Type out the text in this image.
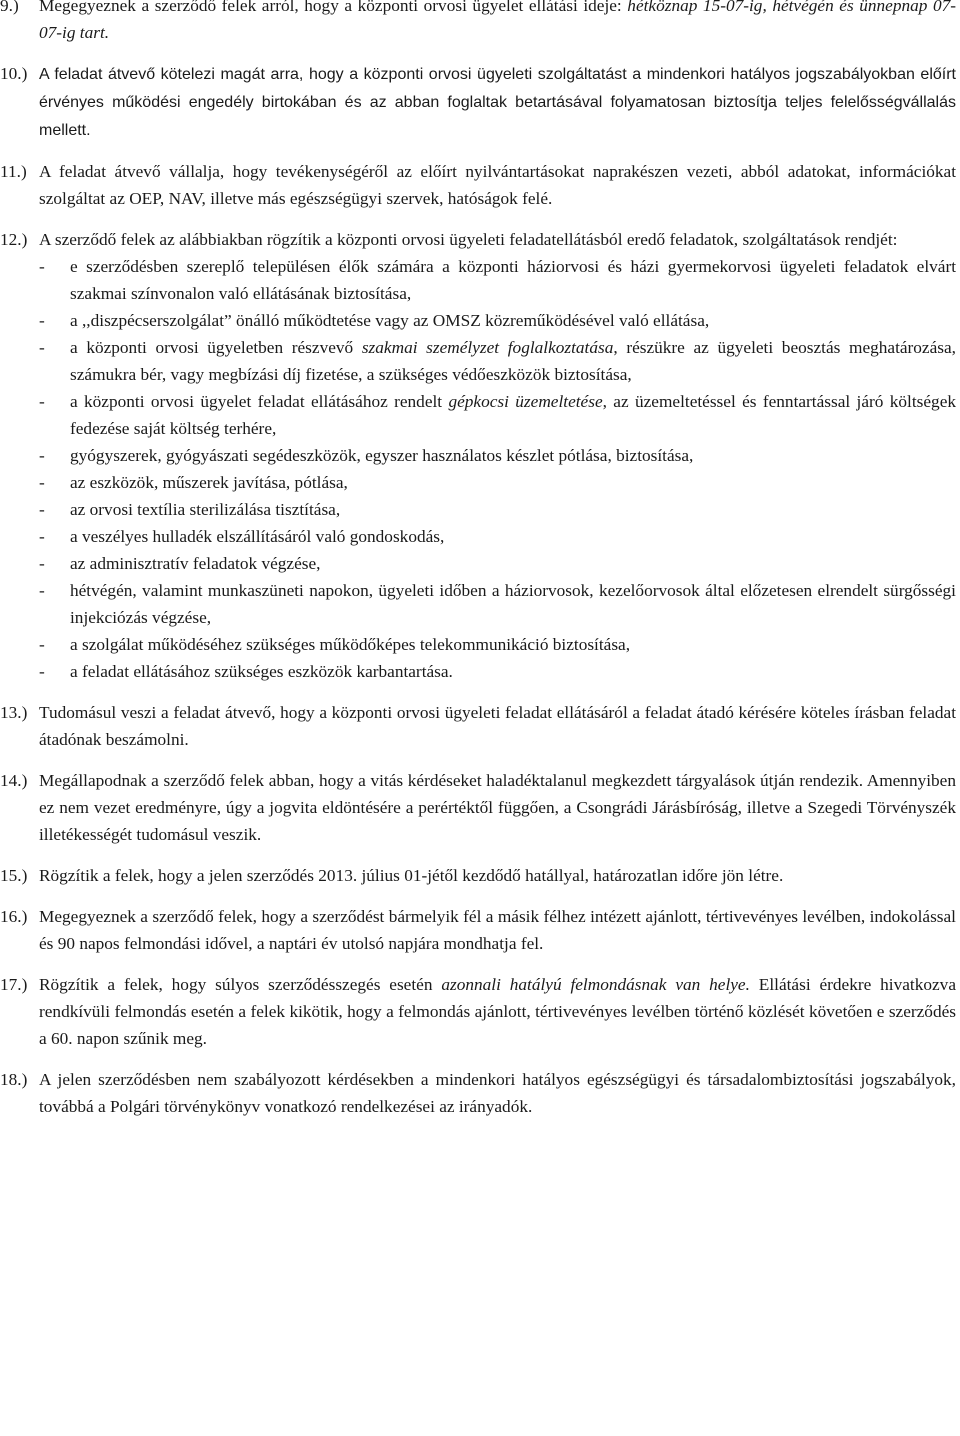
9.)	Megegyeznek a szerződő felek arról, hogy a központi orvosi ügyelet ellátási ideje: hétköznap 15-07-ig, hétvégén és ünnepnap 07-07-ig tart.
10.) A feladat átvevő kötelezi magát arra, hogy a központi orvosi ügyeleti szolgáltatást a mindenkori hatályos jogszabályokban előírt érvényes működési engedély birtokában és az abban foglaltak betartásával folyamatosan biztosítja teljes felelősségvállalás mellett.
11.) A feladat átvevő vállalja, hogy tevékenységéről az előírt nyilvántartásokat naprakészen vezeti, abból adatokat, információkat szolgáltat az OEP, NAV, illetve más egészségügyi szervek, hatóságok felé.
12.) A szerződő felek az alábbiakban rögzítik a központi orvosi ügyeleti feladatellátásból eredő feladatok, szolgáltatások rendjét:
-	e szerződésben szereplő településen élők számára a központi háziorvosi és házi gyermekorvosi ügyeleti feladatok elvárt szakmai színvonalon való ellátásának biztosítása,
-	a ,,diszpécserszolgálat” önálló működtetése vagy az OMSZ közreműködésével való ellátása,
-	a központi orvosi ügyeletben részvevő szakmai személyzet foglalkoztatása, részükre az ügyeleti beosztás meghatározása, számukra bér, vagy megbízási díj fizetése, a szükséges védőeszközök biztosítása,
-	a központi orvosi ügyelet feladat ellátásához rendelt gépkocsi üzemeltetése, az üzemeltetéssel és fenntartással járó költségek fedezése saját költség terhére,
-	gyógyszerek, gyógyászati segédeszközök, egyszer használatos készlet pótlása, biztosítása,
-	az eszközök, műszerek javítása, pótlása,
-	az orvosi textília sterilizálása tisztítása,
-	a veszélyes hulladék elszállításáról való gondoskodás,
-	az adminisztratív feladatok végzése,
-	hétvégén, valamint munkaszüneti napokon, ügyeleti időben a háziorvosok, kezelőorvosok által előzetesen elrendelt sürgősségi injekciózás végzése,
-	a szolgálat működéséhez szükséges működőképes telekommunikáció biztosítása,
-	a feladat ellátásához szükséges eszközök karbantartása.
13.) Tudomásul veszi a feladat átvevő, hogy a központi orvosi ügyeleti feladat ellátásáról a feladat átadó kérésére köteles írásban feladat átadónak beszámolni.
14.) Megállapodnak a szerződő felek abban, hogy a vitás kérdéseket haladéktalanul megkezdett tárgyalások útján rendezik. Amennyiben ez nem vezet eredményre, úgy a jogvita eldöntésére a perértéktől függően, a Csongrádi Járásbíróság, illetve a Szegedi Törvényszék illetékességét tudomásul veszik.
15.) Rögzítik a felek, hogy a jelen szerződés 2013. július 01-jétől kezdődő hatállyal, határozatlan időre jön létre.
16.) Megegyeznek a szerződő felek, hogy a szerződést bármelyik fél a másik félhez intézett ajánlott, tértivevényes levélben, indokolással és 90 napos felmondási idővel, a naptári év utolsó napjára mondhatja fel.
17.) Rögzítik a felek, hogy súlyos szerződésszegés esetén azonnali hatályú felmondásnak van helye. Ellátási érdekre hivatkozva rendkívüli felmondás esetén a felek kikötik, hogy a felmondás ajánlott, tértivevényes levélben történő közlését követően e szerződés a 60. napon szűnik meg.
18.) A jelen szerződésben nem szabályozott kérdésekben a mindenkori hatályos egészségügyi és társadalombiztosítási jogszabályok, továbbá a Polgári törvénykönyv vonatkozó rendelkezései az irányadók.
